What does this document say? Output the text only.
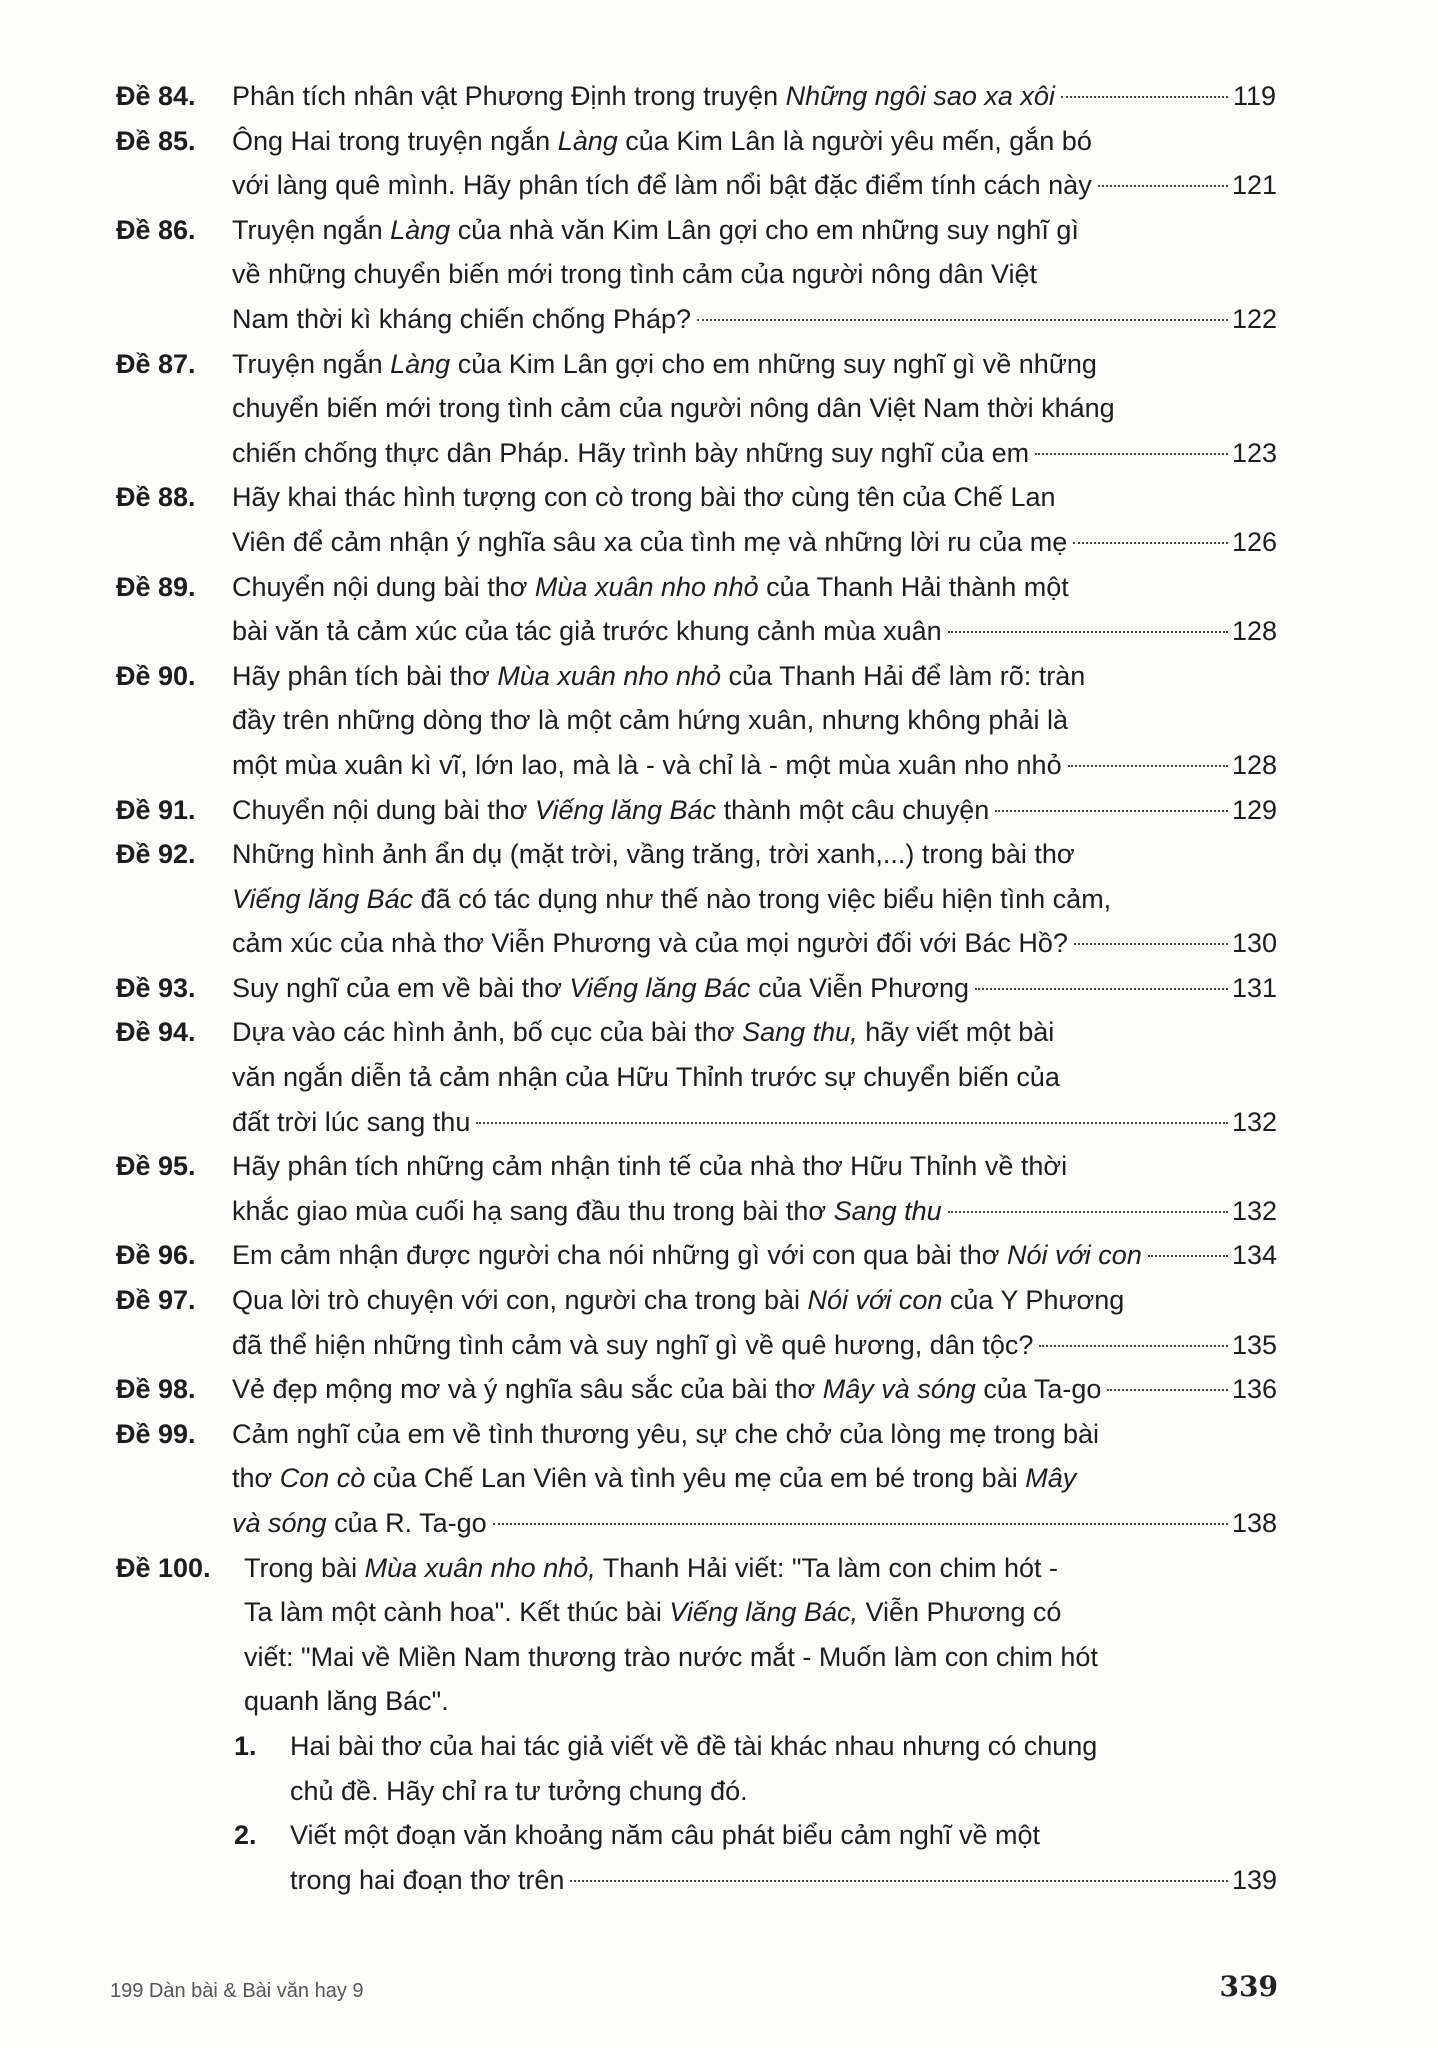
Đề 84.	Phân tích nhân vật Phương Định trong truyện Những ngôi sao xa xôi	119
Đề 85.	Ông Hai trong truyện ngắn Làng của Kim Lân là người yêu mến, gắn bó
với làng quê mình. Hãy phân tích để làm nổi bật đặc điểm tính cách này	121
Đề 86.	Truyện ngắn Làng của nhà văn Kim Lân gợi cho em những suy nghĩ gì
về những chuyển biến mới trong tình cảm của người nông dân Việt
Nam thời kì kháng chiến chống Pháp?	122
Đề 87.	Truyện ngắn Làng của Kim Lân gợi cho em những suy nghĩ gì về những
chuyển biến mới trong tình cảm của người nông dân Việt Nam thời kháng
chiến chống thực dân Pháp. Hãy trình bày những suy nghĩ của em	123
Đề 88.	Hãy khai thác hình tượng con cò trong bài thơ cùng tên của Chế Lan
Viên để cảm nhận ý nghĩa sâu xa của tình mẹ và những lời ru của mẹ	126
Đề 89.	Chuyển nội dung bài thơ Mùa xuân nho nhỏ của Thanh Hải thành một
bài văn tả cảm xúc của tác giả trước khung cảnh mùa xuân	128
Đề 90.	Hãy phân tích bài thơ Mùa xuân nho nhỏ của Thanh Hải để làm rõ: tràn
đầy trên những dòng thơ là một cảm hứng xuân, nhưng không phải là
một mùa xuân kì vĩ, lớn lao, mà là - và chỉ là - một mùa xuân nho nhỏ	128
Đề 91.	Chuyển nội dung bài thơ Viếng lăng Bác thành một câu chuyện	129
Đề 92.	Những hình ảnh ẩn dụ (mặt trời, vầng trăng, trời xanh,...) trong bài thơ
Viếng lăng Bác đã có tác dụng như thế nào trong việc biểu hiện tình cảm,
cảm xúc của nhà thơ Viễn Phương và của mọi người đối với Bác Hồ?	130
Đề 93.	Suy nghĩ của em về bài thơ Viếng lăng Bác của Viễn Phương	131
Đề 94.	Dựa vào các hình ảnh, bố cục của bài thơ Sang thu, hãy viết một bài
văn ngắn diễn tả cảm nhận của Hữu Thỉnh trước sự chuyển biến của
đất trời lúc sang thu	132
Đề 95.	Hãy phân tích những cảm nhận tinh tế của nhà thơ Hữu Thỉnh về thời
khắc giao mùa cuối hạ sang đầu thu trong bài thơ Sang thu	132
Đề 96.	Em cảm nhận được người cha nói những gì với con qua bài thơ Nói với con	134
Đề 97.	Qua lời trò chuyện với con, người cha trong bài Nói với con của Y Phương
đã thể hiện những tình cảm và suy nghĩ gì về quê hương, dân tộc?	135
Đề 98.	Vẻ đẹp mộng mơ và ý nghĩa sâu sắc của bài thơ Mây và sóng của Ta-go	136
Đề 99.	Cảm nghĩ của em về tình thương yêu, sự che chở của lòng mẹ trong bài
thơ Con cò của Chế Lan Viên và tình yêu mẹ của em bé trong bài Mây
và sóng của R. Ta-go	138
Đề 100.	Trong bài Mùa xuân nho nhỏ, Thanh Hải viết: "Ta làm con chim hót -
Ta làm một cành hoa". Kết thúc bài Viếng lăng Bác, Viễn Phương có
viết: "Mai về Miền Nam thương trào nước mắt - Muốn làm con chim hót
quanh lăng Bác".
1.	Hai bài thơ của hai tác giả viết về đề tài khác nhau nhưng có chung
chủ đề. Hãy chỉ ra tư tưởng chung đó.
2.	Viết một đoạn văn khoảng năm câu phát biểu cảm nghĩ về một
trong hai đoạn thơ trên	139
199 Dàn bài & Bài văn hay 9	339
